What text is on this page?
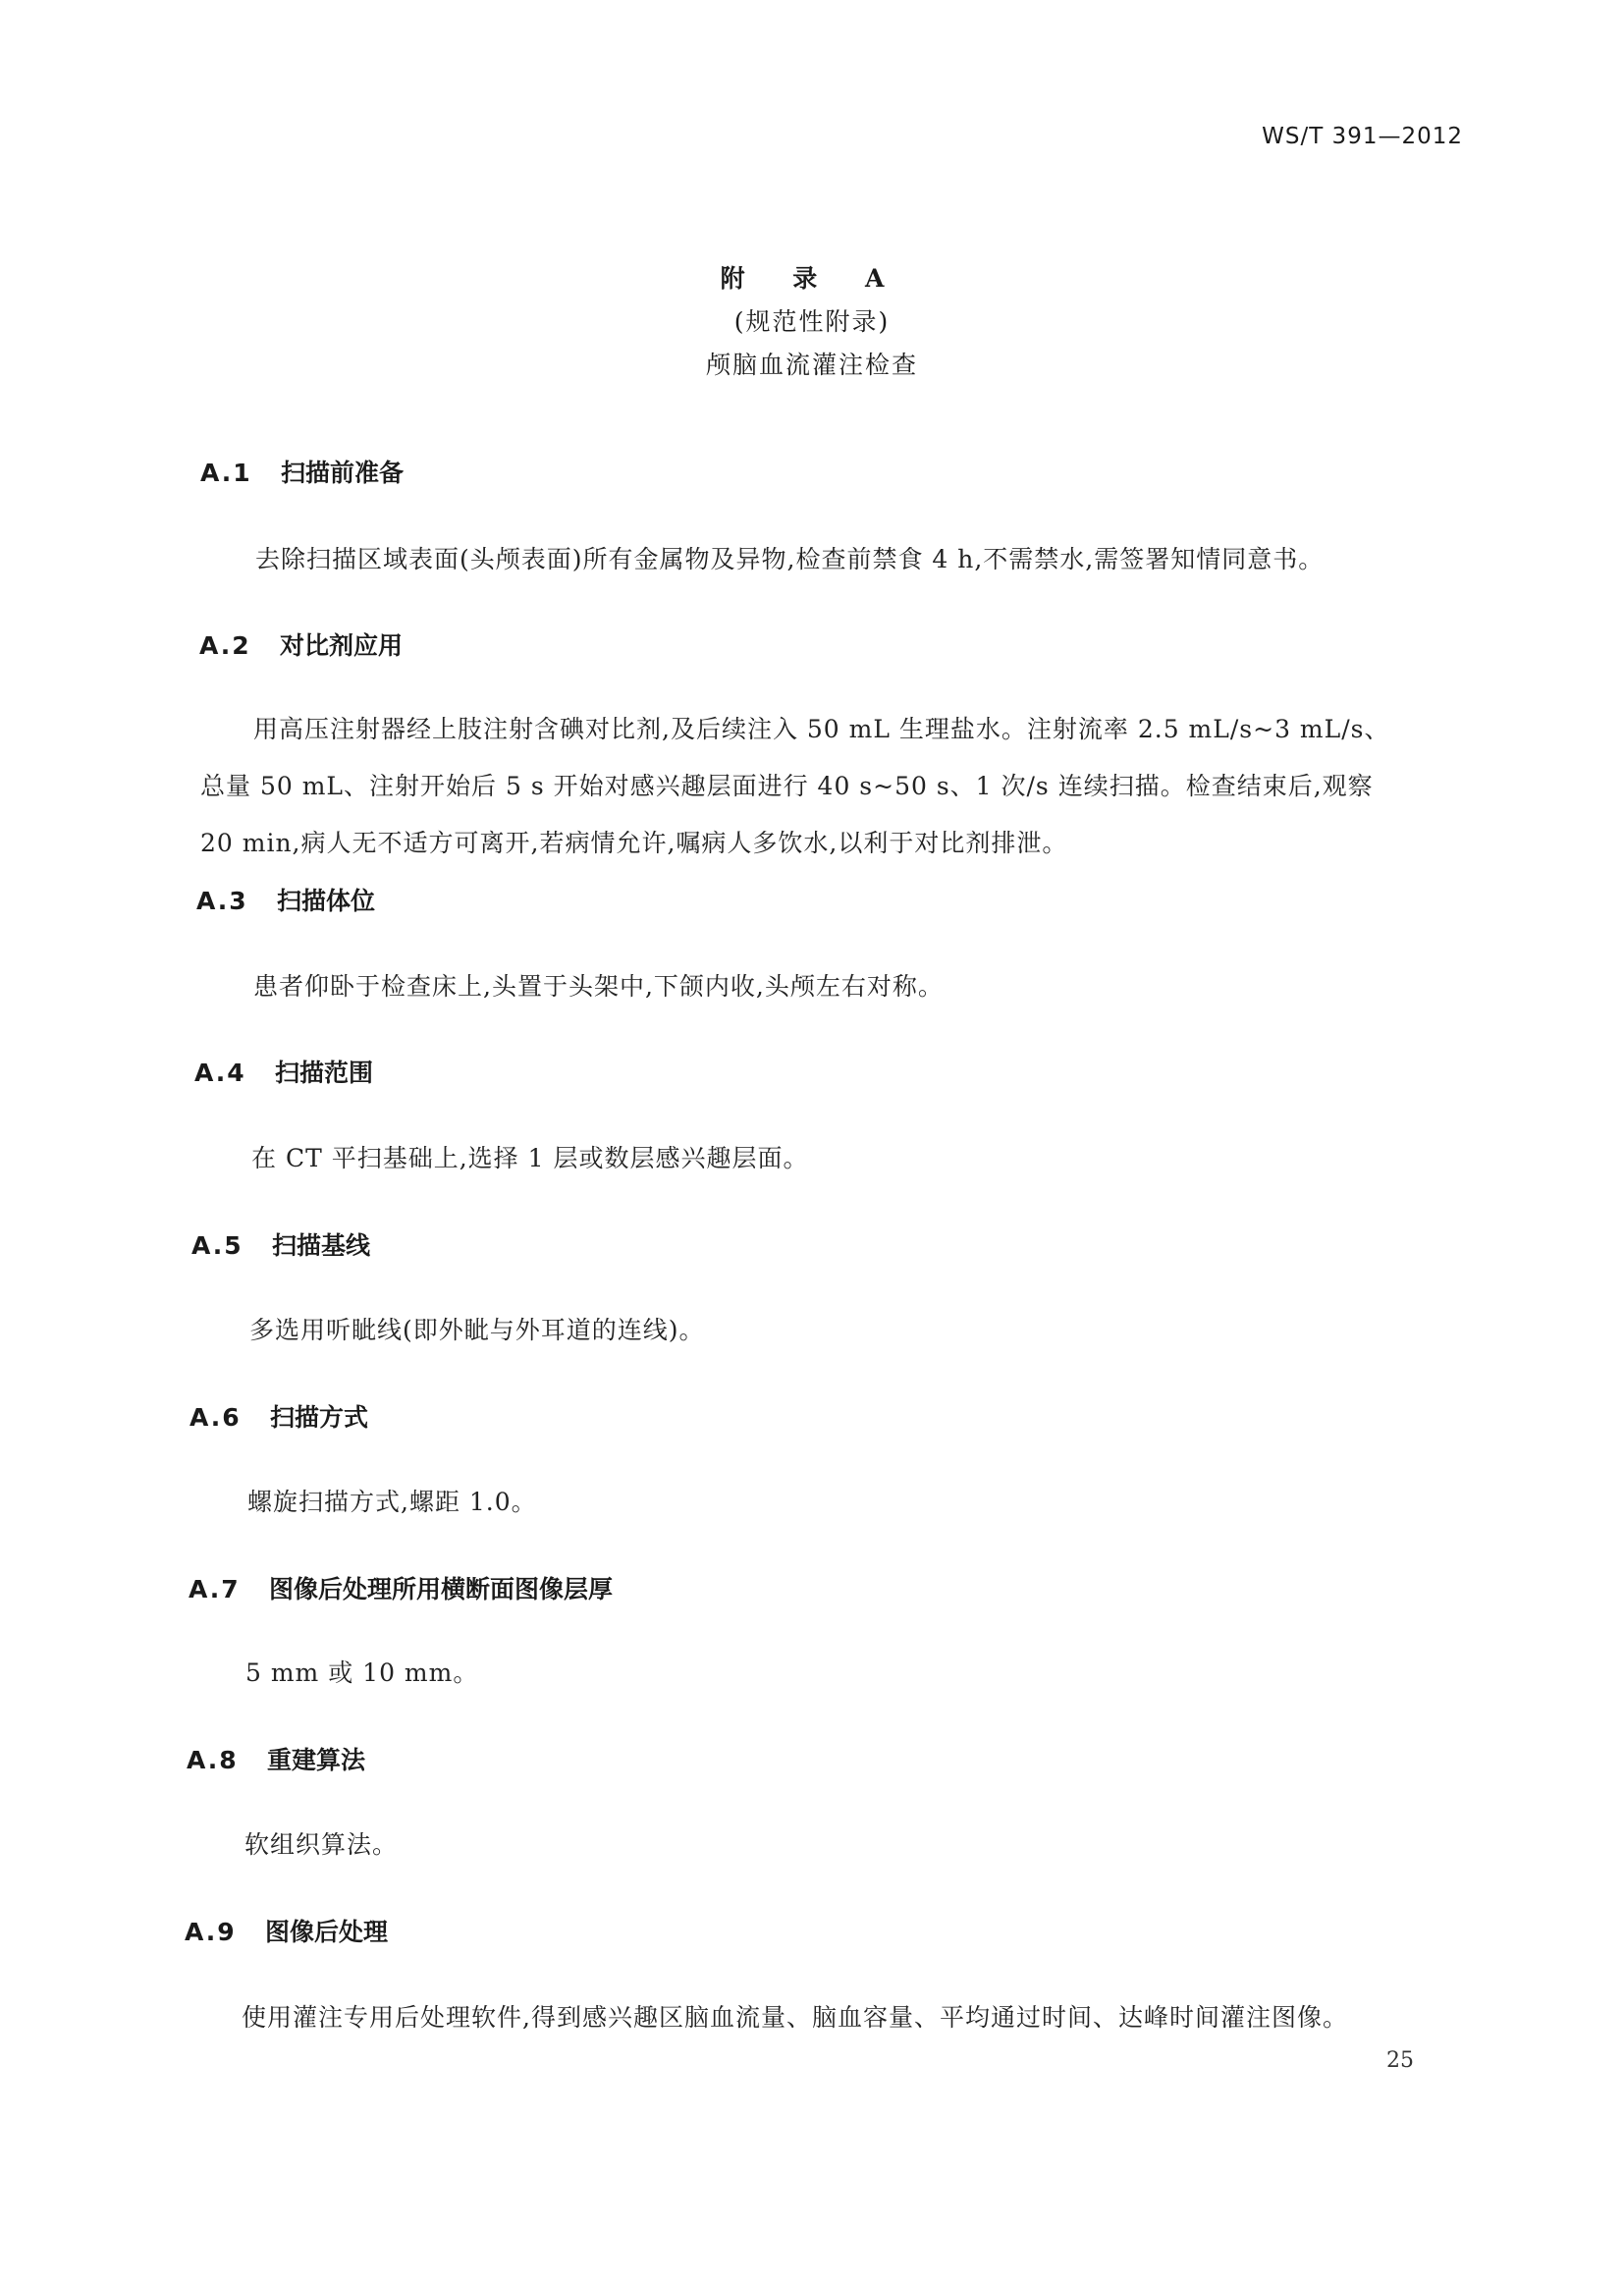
WS/T 391—2012
附 录 A
(规范性附录)
颅脑血流灌注检查
A.1 扫描前准备

去除扫描区域表面(头颅表面)所有金属物及异物,检查前禁食 4 h,不需禁水,需签署知情同意书。

A.2 对比剂应用

用高压注射器经上肢注射含碘对比剂,及后续注入 50 mL 生理盐水。注射流率 2.5 mL/s~3 mL/s、

总量 50 mL、注射开始后 5 s 开始对感兴趣层面进行 40 s~50 s、1 次/s 连续扫描。检查结束后,观察

20 min,病人无不适方可离开,若病情允许,嘱病人多饮水,以利于对比剂排泄。

A.3 扫描体位

患者仰卧于检查床上,头置于头架中,下颌内收,头颅左右对称。

A.4 扫描范围

在 CT 平扫基础上,选择 1 层或数层感兴趣层面。

A.5 扫描基线

多选用听眦线(即外眦与外耳道的连线)。

A.6 扫描方式

螺旋扫描方式,螺距 1.0。

A.7 图像后处理所用横断面图像层厚

5 mm 或 10 mm。

A.8 重建算法

软组织算法。

A.9 图像后处理

使用灌注专用后处理软件,得到感兴趣区脑血流量、脑血容量、平均通过时间、达峰时间灌注图像。

25
